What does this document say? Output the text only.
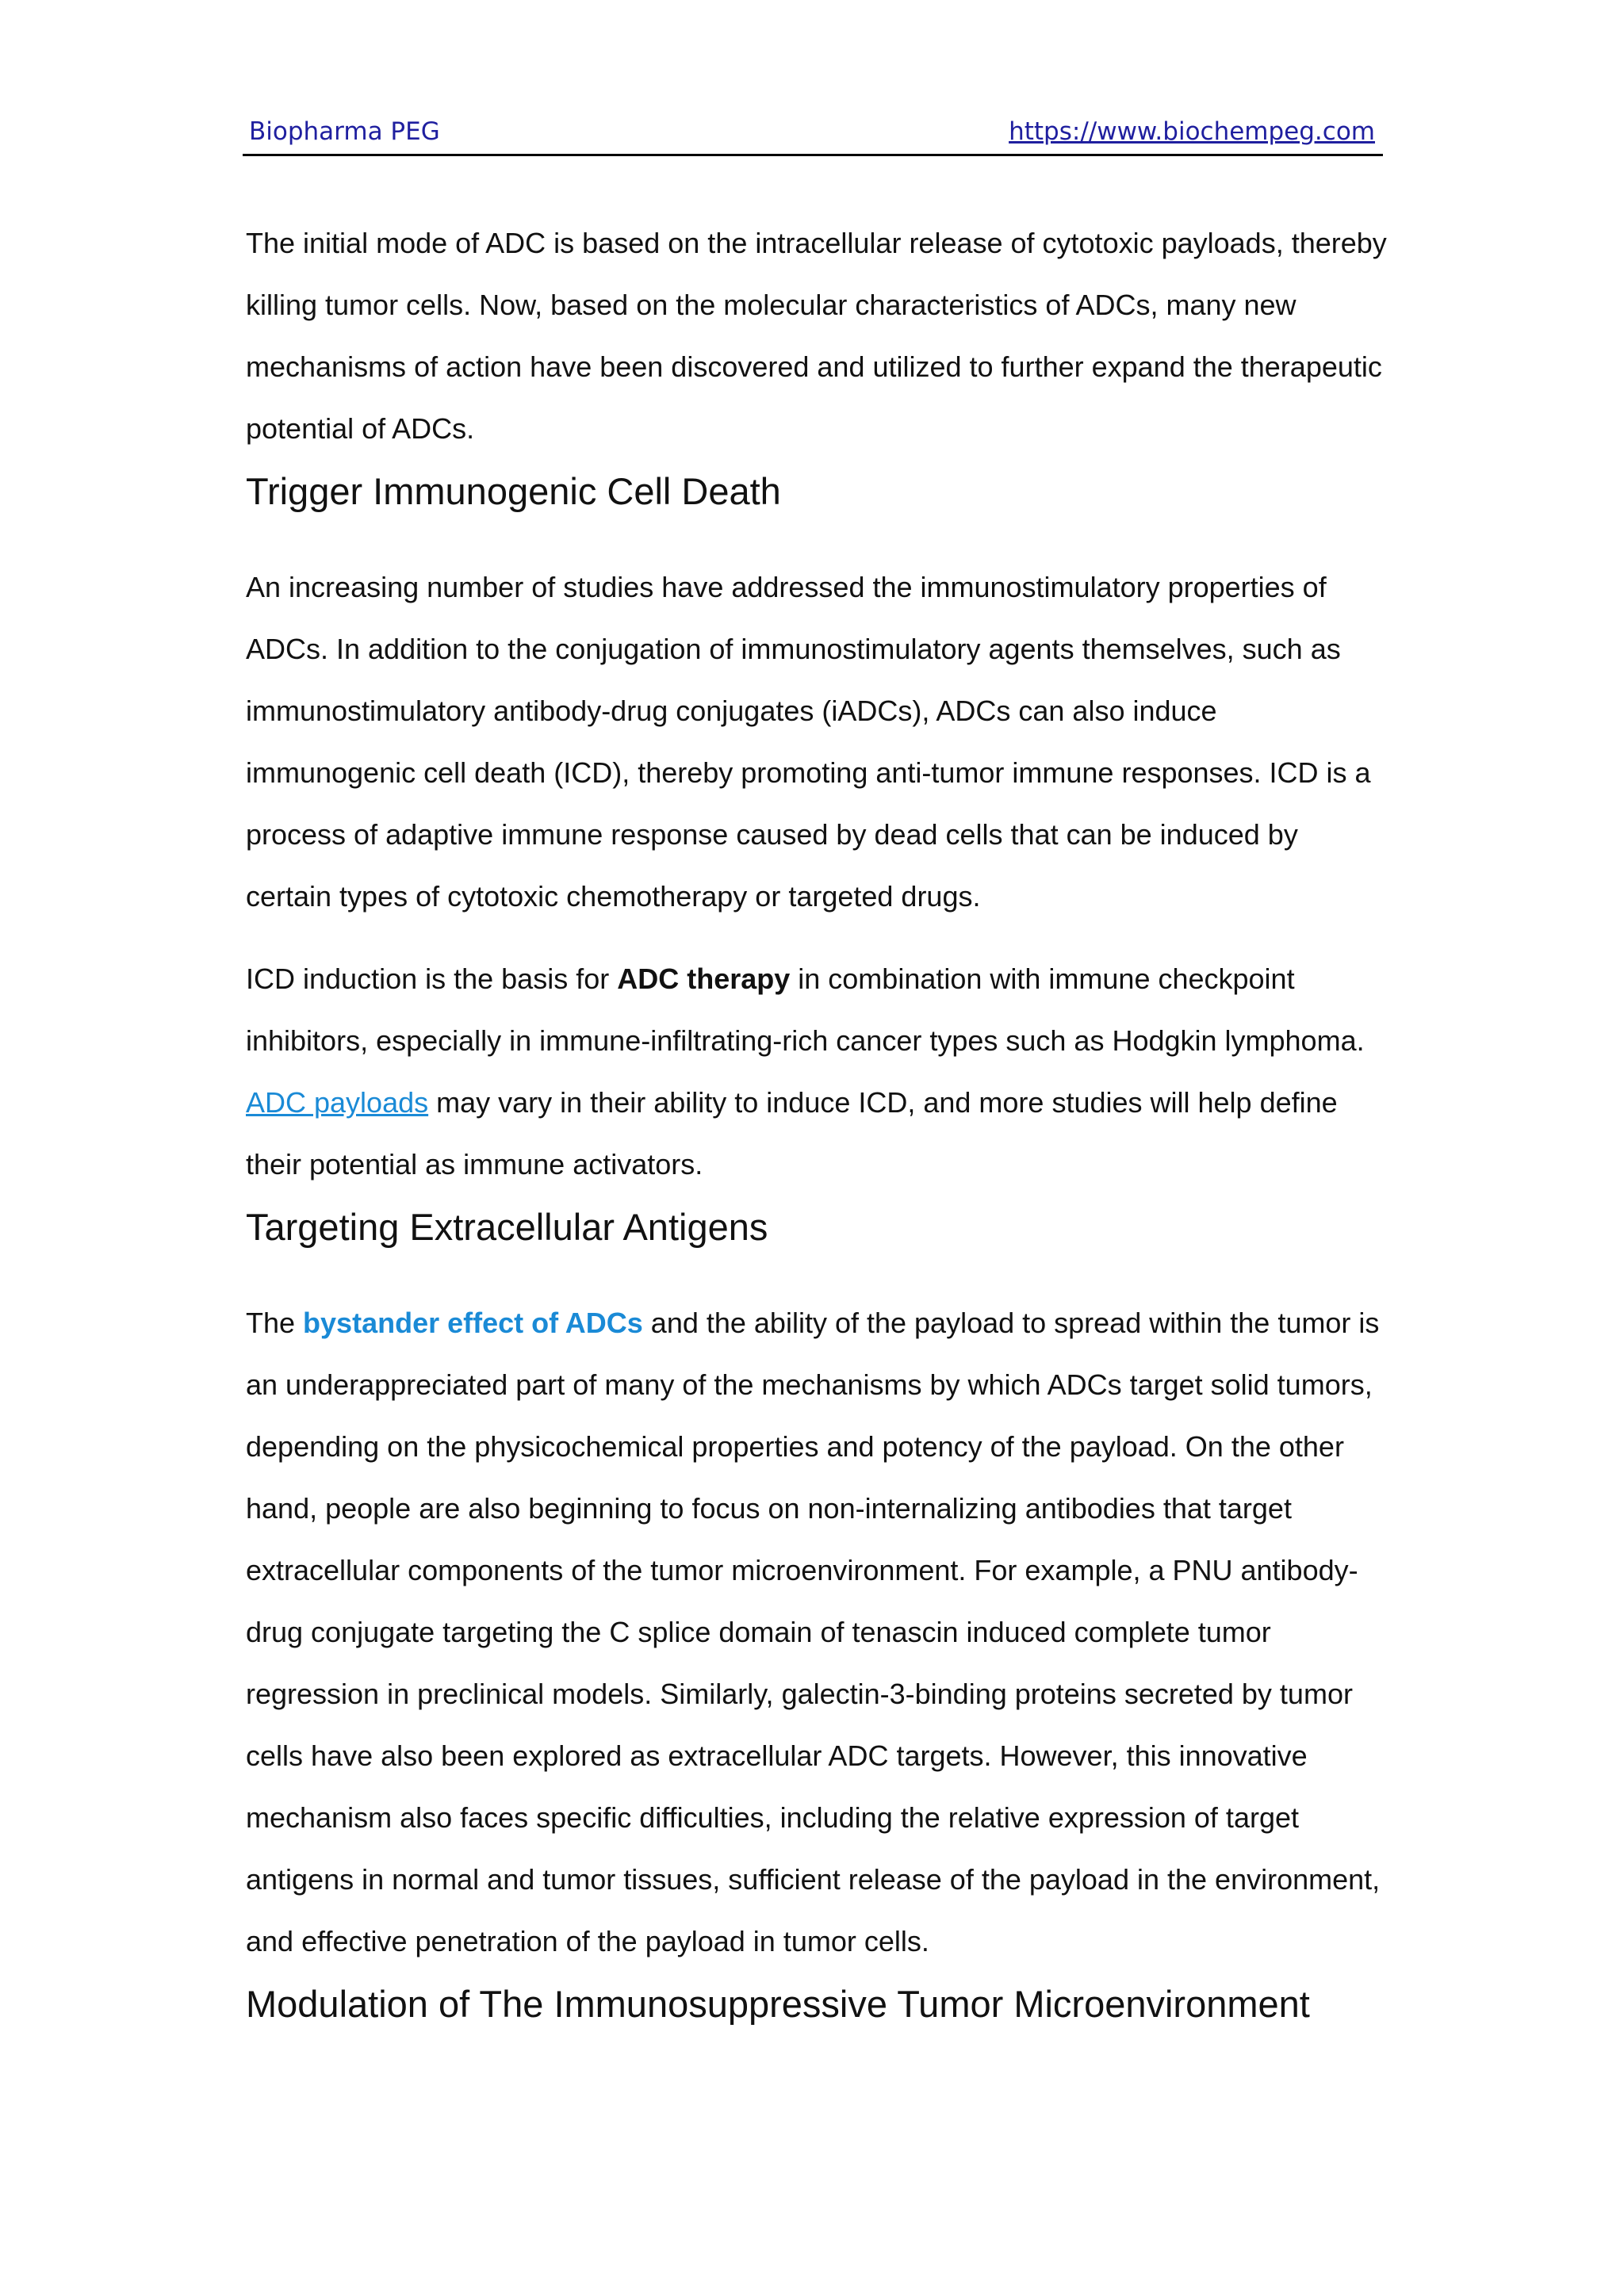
Biopharma PEG	https://www.biochempeg.com

The initial mode of ADC is based on the intracellular release of cytotoxic payloads, thereby killing tumor cells. Now, based on the molecular characteristics of ADCs, many new mechanisms of action have been discovered and utilized to further expand the therapeutic potential of ADCs.

Trigger Immunogenic Cell Death

An increasing number of studies have addressed the immunostimulatory properties of ADCs. In addition to the conjugation of immunostimulatory agents themselves, such as immunostimulatory antibody-drug conjugates (iADCs), ADCs can also induce immunogenic cell death (ICD), thereby promoting anti-tumor immune responses. ICD is a process of adaptive immune response caused by dead cells that can be induced by certain types of cytotoxic chemotherapy or targeted drugs.

ICD induction is the basis for ADC therapy in combination with immune checkpoint inhibitors, especially in immune-infiltrating-rich cancer types such as Hodgkin lymphoma. ADC payloads may vary in their ability to induce ICD, and more studies will help define their potential as immune activators.

Targeting Extracellular Antigens

The bystander effect of ADCs and the ability of the payload to spread within the tumor is an underappreciated part of many of the mechanisms by which ADCs target solid tumors, depending on the physicochemical properties and potency of the payload. On the other hand, people are also beginning to focus on non-internalizing antibodies that target extracellular components of the tumor microenvironment. For example, a PNU antibody-drug conjugate targeting the C splice domain of tenascin induced complete tumor regression in preclinical models. Similarly, galectin-3-binding proteins secreted by tumor cells have also been explored as extracellular ADC targets. However, this innovative mechanism also faces specific difficulties, including the relative expression of target antigens in normal and tumor tissues, sufficient release of the payload in the environment, and effective penetration of the payload in tumor cells.

Modulation of The Immunosuppressive Tumor Microenvironment
